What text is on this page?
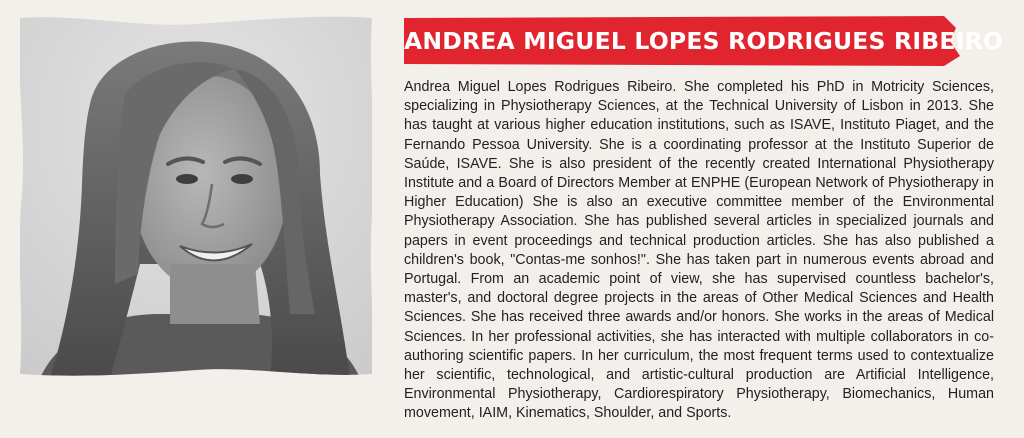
ANDREA MIGUEL LOPES RODRIGUES RIBEIRO

Andrea Miguel Lopes Rodrigues Ribeiro. She completed his PhD in Motricity Sciences, specializing in Physiotherapy Sciences, at the Technical University of Lisbon in 2013. She has taught at various higher education institutions, such as ISAVE, Instituto Piaget, and the Fernando Pessoa University. She is a coordinating professor at the Instituto Superior de Saúde, ISAVE. She is also president of the recently created International Physiotherapy Institute and a Board of Directors Member at ENPHE (European Network of Physiotherapy in Higher Education) She is also an executive committee member of the Environmental Physiotherapy Association. She has published several articles in specialized journals and papers in event proceedings and technical production articles. She has also published a children's book, "Contas-me sonhos!". She has taken part in numerous events abroad and Portugal. From an academic point of view, she has supervised countless bachelor's, master's, and doctoral degree projects in the areas of Other Medical Sciences and Health Sciences. She has received three awards and/or honors. She works in the areas of Medical Sciences. In her professional activities, she has interacted with multiple collaborators in co-authoring scientific papers. In her curriculum, the most frequent terms used to contextualize her scientific, technological, and artistic-cultural production are Artificial Intelligence, Environmental Physiotherapy, Cardiorespiratory Physiotherapy, Biomechanics, Human movement, IAIM, Kinematics, Shoulder, and Sports.
